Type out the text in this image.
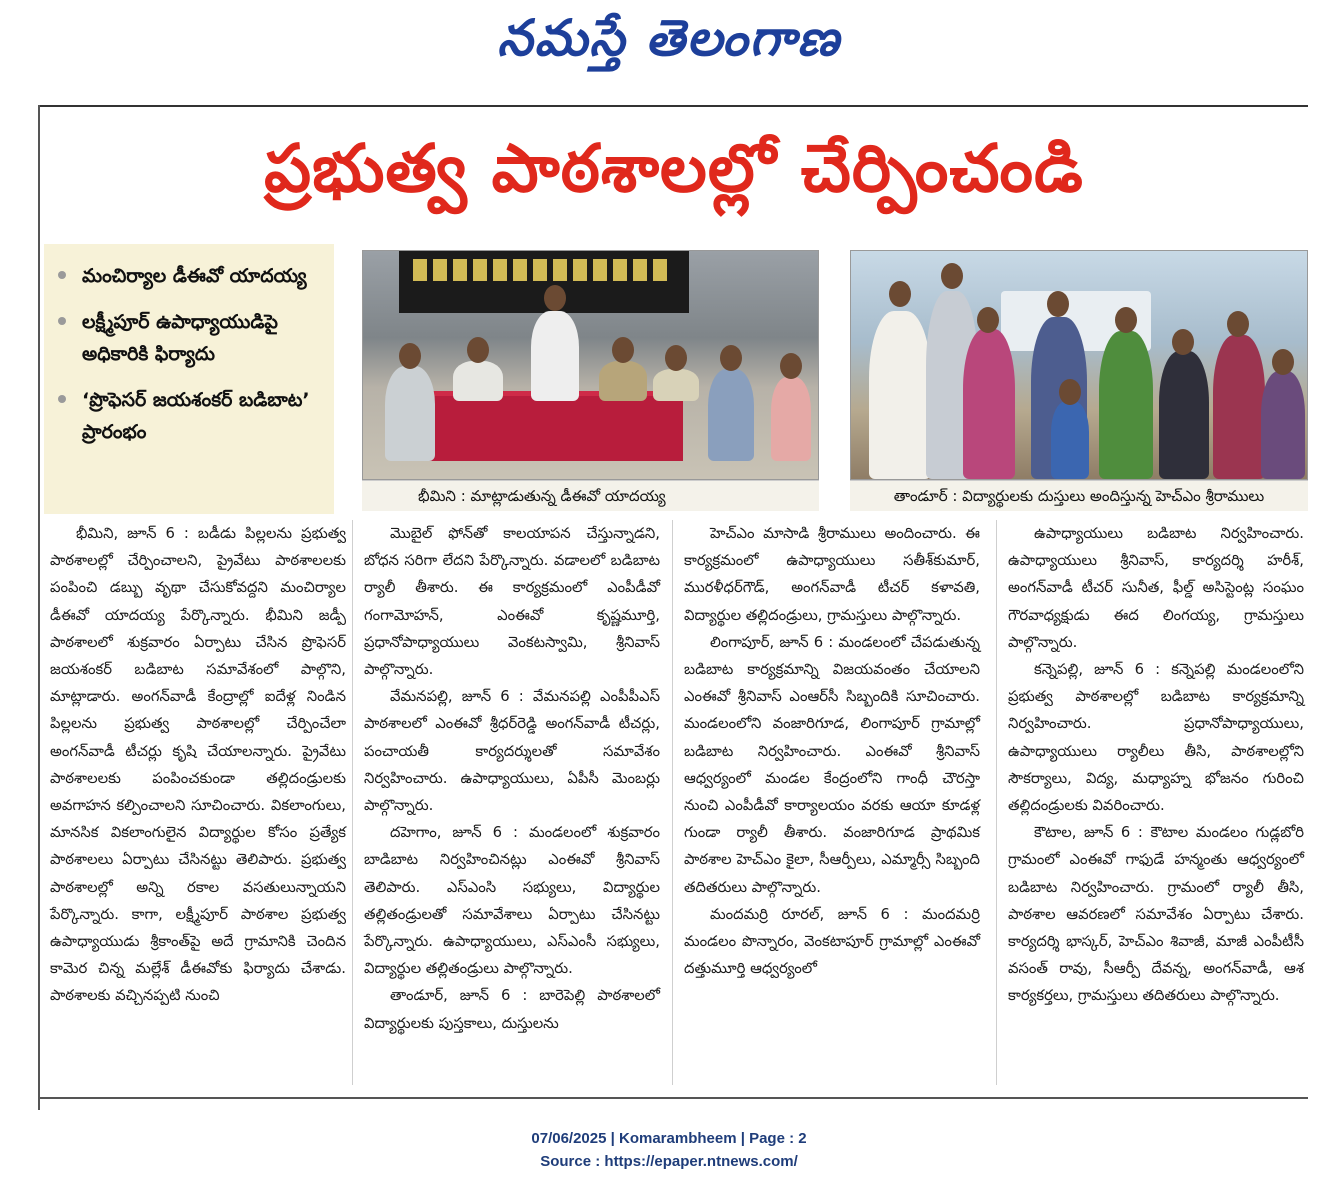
నమస్తే తెలంగాణ
ప్రభుత్వ పాఠశాలల్లో చేర్పించండి
మంచిర్యాల డీఈవో యాదయ్య
లక్ష్మీపూర్ ఉపాధ్యాయుడిపై అధికారికి ఫిర్యాదు
‘ప్రొఫెసర్ జయశంకర్ బడిబాట’ ప్రారంభం
భీమిని : మాట్లాడుతున్న డీఈవో యాదయ్య	తాండూర్ : విద్యార్థులకు దుస్తులు అందిస్తున్న హెచ్ఎం శ్రీరాములు

భీమిని, జూన్ 6 : బడీడు పిల్లలను ప్రభుత్వ పాఠశాలల్లో చేర్పించాలని, ప్రైవేటు పాఠశాలలకు పంపించి డబ్బు వృథా చేసుకోవద్దని మంచిర్యాల డీఈవో యాదయ్య పేర్కొన్నారు. భీమిని జడ్పీ పాఠశాలలో శుక్రవారం ఏర్పాటు చేసిన ప్రొఫెసర్ జయశంకర్ బడిబాట సమావేశంలో పాల్గొని, మాట్లాడారు. అంగన్‌వాడీ కేంద్రాల్లో ఐదేళ్ల నిండిన పిల్లలను ప్రభుత్వ పాఠశాలల్లో చేర్పించేలా అంగన్‌వాడీ టీచర్లు కృషి చేయాలన్నారు. ప్రైవేటు పాఠశాలలకు పంపించకుండా తల్లిదండ్రులకు అవగాహన కల్పించాలని సూచించారు. వికలాంగులు, మానసిక వికలాంగులైన విద్యార్థుల కోసం ప్రత్యేక పాఠశాలలు ఏర్పాటు చేసినట్టు తెలిపారు. ప్రభుత్వ పాఠశాలల్లో అన్ని రకాల వసతులున్నాయని పేర్కొన్నారు. కాగా, లక్ష్మీపూర్ పాఠశాల ప్రభుత్వ ఉపాధ్యాయుడు శ్రీకాంత్‌పై అదే గ్రామానికి చెందిన కామెర చిన్న మల్లేశ్ డీఈవోకు ఫిర్యాదు చేశాడు. పాఠశాలకు వచ్చినప్పటి నుంచి

మొబైల్ ఫోన్‌తో కాలయాపన చేస్తున్నాడని, బోధన సరిగా లేదని పేర్కొన్నారు. వడాలలో బడిబాట ర్యాలీ తీశారు. ఈ కార్యక్రమంలో ఎంపీడీవో గంగామోహన్, ఎంఈవో కృష్ణమూర్తి, ప్రధానోపాధ్యాయులు వెంకటస్వామి, శ్రీనివాస్ పాల్గొన్నారు.

వేమనపల్లి, జూన్ 6 : వేమనపల్లి ఎంపీపీఎస్ పాఠశాలలో ఎంఈవో శ్రీధర్‌రెడ్డి అంగన్‌వాడీ టీచర్లు, పంచాయతీ కార్యదర్శులతో సమావేశం నిర్వహించారు. ఉపాధ్యాయులు, ఏపీసీ మెంబర్లు పాల్గొన్నారు.

దహెగాం, జూన్ 6 : మండలంలో శుక్రవారం బాడిబాట నిర్వహించినట్లు ఎంఈవో శ్రీనివాస్ తెలిపారు. ఎస్ఎంసి సభ్యులు, విద్యార్థుల తల్లితండ్రులతో సమావేశాలు ఏర్పాటు చేసినట్టు పేర్కొన్నారు. ఉపాధ్యాయులు, ఎస్ఎంసీ సభ్యులు, విద్యార్థుల తల్లితండ్రులు పాల్గొన్నారు.

తాండూర్, జూన్ 6 : బారెపెల్లి పాఠశాలలో విద్యార్థులకు పుస్తకాలు, దుస్తులను

హెచ్ఎం మాసాడి శ్రీరాములు అందించారు. ఈ కార్యక్రమంలో ఉపాధ్యాయులు సతీశ్‌కుమార్, మురళీధర్‌గౌడ్, అంగన్‌వాడీ టీచర్ కళావతి, విద్యార్థుల తల్లిదండ్రులు, గ్రామస్తులు పాల్గొన్నారు.

లింగాపూర్, జూన్ 6 : మండలంలో చేపడుతున్న బడిబాట కార్యక్రమాన్ని విజయవంతం చేయాలని ఎంఈవో శ్రీనివాస్ ఎంఆర్‌సీ సిబ్బందికి సూచించారు. మండలంలోని వంజారిగూడ, లింగాపూర్ గ్రామాల్లో బడిబాట నిర్వహించారు. ఎంఈవో శ్రీనివాస్ ఆధ్వర్యంలో మండల కేంద్రంలోని గాంధీ చౌరస్తా నుంచి ఎంపీడీవో కార్యాలయం వరకు ఆయా కూడళ్ల గుండా ర్యాలీ తీశారు. వంజారిగూడ ప్రాథమిక పాఠశాల హెచ్ఎం కైలా, సీఆర్పీలు, ఎమ్మార్సీ సిబ్బంది తదితరులు పాల్గొన్నారు.

మందమర్రి రూరల్, జూన్ 6 : మందమర్రి మండలం పొన్నారం, వెంకటాపూర్ గ్రామాల్లో ఎంఈవో దత్తుమూర్తి ఆధ్వర్యంలో

ఉపాధ్యాయులు బడిబాట నిర్వహించారు. ఉపాధ్యాయులు శ్రీనివాస్, కార్యదర్శి హరీశ్, అంగన్‌వాడీ టీచర్ సునీత, ఫీల్డ్ అసిస్టెంట్ల సంఘం గౌరవాధ్యక్షుడు ఈద లింగయ్య, గ్రామస్తులు పాల్గొన్నారు.

కన్నెపల్లి, జూన్ 6 : కన్నెపల్లి మండలంలోని ప్రభుత్వ పాఠశాలల్లో బడిబాట కార్యక్రమాన్ని నిర్వహించారు. ప్రధానోపాధ్యాయులు, ఉపాధ్యాయులు ర్యాలీలు తీసి, పాఠశాలల్లోని సౌకర్యాలు, విద్య, మధ్యాహ్న భోజనం గురించి తల్లిదండ్రులకు వివరించారు.

కౌటాల, జూన్ 6 : కౌటాల మండలం గుడ్లబోరి గ్రామంలో ఎంఈవో గాఫుడే హన్మంతు ఆధ్వర్యంలో బడిబాట నిర్వహించారు. గ్రామంలో ర్యాలీ తీసి, పాఠశాల ఆవరణలో సమావేశం ఏర్పాటు చేశారు. కార్యదర్శి భాస్కర్, హెచ్ఎం శివాజీ, మాజీ ఎంపీటీసీ వసంత్ రావు, సీఆర్పీ దేవన్న, అంగన్‌వాడీ, ఆశ కార్యకర్తలు, గ్రామస్తులు తదితరులు పాల్గొన్నారు.

07/06/2025 | Komarambheem | Page : 2
Source : https://epaper.ntnews.com/
